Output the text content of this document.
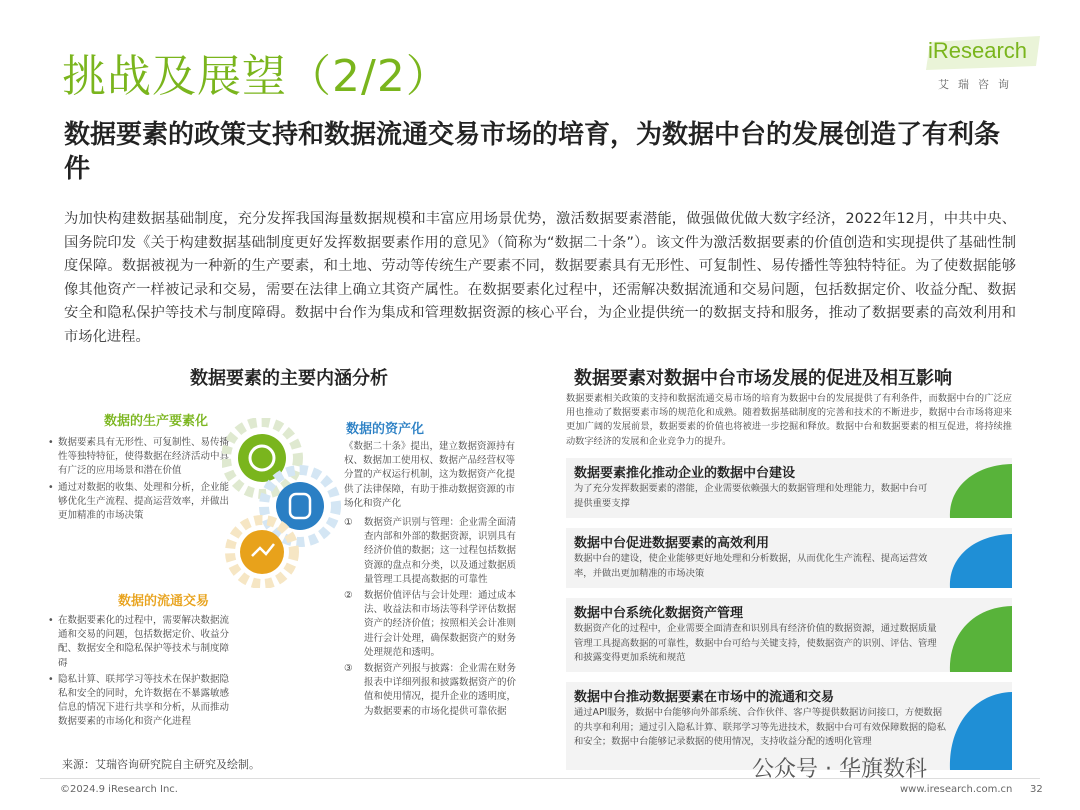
挑战及展望（2/2）
iResearch
艾瑞咨询
数据要素的政策支持和数据流通交易市场的培育，为数据中台的发展创造了有利条件
为加快构建数据基础制度，充分发挥我国海量数据规模和丰富应用场景优势，激活数据要素潜能，做强做优做大数字经济，2022年12月，中共中央、国务院印发《关于构建数据基础制度更好发挥数据要素作用的意见》（简称为“数据二十条”）。该文件为激活数据要素的价值创造和实现提供了基础性制度保障。数据被视为一种新的生产要素，和土地、劳动等传统生产要素不同，数据要素具有无形性、可复制性、易传播性等独特特征。为了使数据能够像其他资产一样被记录和交易，需要在法律上确立其资产属性。在数据要素化过程中，还需解决数据流通和交易问题，包括数据定价、收益分配、数据安全和隐私保护等技术与制度障碍。数据中台作为集成和管理数据资源的核心平台，为企业提供统一的数据支持和服务，推动了数据要素的高效利用和市场化进程。
数据要素的主要内涵分析
数据的生产要素化
• 数据要素具有无形性、可复制性、易传播性等独特特征，使得数据在经济活动中具有广泛的应用场景和潜在价值
• 通过对数据的收集、处理和分析，企业能够优化生产流程、提高运营效率，并做出更加精准的市场决策
数据的流通交易
• 在数据要素化的过程中，需要解决数据流通和交易的问题，包括数据定价、收益分配、数据安全和隐私保护等技术与制度障碍
• 隐私计算、联邦学习等技术在保护数据隐私和安全的同时，允许数据在不暴露敏感信息的情况下进行共享和分析，从而推动数据要素的市场化和资产化进程
数据的资产化
《数据二十条》提出，建立数据资源持有权、数据加工使用权、数据产品经营权等分置的产权运行机制，这为数据资产化提供了法律保障，有助于推动数据资源的市场化和资产化
①	数据资产识别与管理：企业需全面清查内部和外部的数据资源，识别具有经济价值的数据；这一过程包括数据资源的盘点和分类，以及通过数据质量管理工具提高数据的可靠性
②	数据价值评估与会计处理：通过成本法、收益法和市场法等科学评估数据资产的经济价值；按照相关会计准则进行会计处理，确保数据资产的财务处理规范和透明。
③	数据资产列报与披露：企业需在财务报表中详细列报和披露数据资产的价值和使用情况，提升企业的透明度，为数据要素的市场化提供可靠依据
来源：艾瑞咨询研究院自主研究及绘制。
数据要素对数据中台市场发展的促进及相互影响
数据要素相关政策的支持和数据流通交易市场的培育为数据中台的发展提供了有利条件，而数据中台的广泛应用也推动了数据要素市场的规范化和成熟。随着数据基础制度的完善和技术的不断进步，数据中台市场将迎来更加广阔的发展前景，数据要素的价值也将被进一步挖掘和释放。数据中台和数据要素的相互促进，将持续推动数字经济的发展和企业竞争力的提升。
数据要素推化推动企业的数据中台建设
为了充分发挥数据要素的潜能，企业需要依赖强大的数据管理和处理能力，数据中台可提供重要支撑
数据中台促进数据要素的高效利用
数据中台的建设，使企业能够更好地处理和分析数据，从而优化生产流程、提高运营效率，并做出更加精准的市场决策
数据中台系统化数据资产管理
数据资产化的过程中，企业需要全面清查和识别具有经济价值的数据资源，通过数据质量管理工具提高数据的可靠性，数据中台可给与关键支持，使数据资产的识别、评估、管理和披露变得更加系统和规范
数据中台推动数据要素在市场中的流通和交易
通过API服务，数据中台能够向外部系统、合作伙伴、客户等提供数据访问接口，方便数据的共享和利用；通过引入隐私计算、联邦学习等先进技术，数据中台可有效保障数据的隐私和安全；数据中台能够记录数据的使用情况，支持收益分配的透明化管理
©2024.9 iResearch Inc.
公众号 · 华旗数科
www.iresearch.com.cn 32
